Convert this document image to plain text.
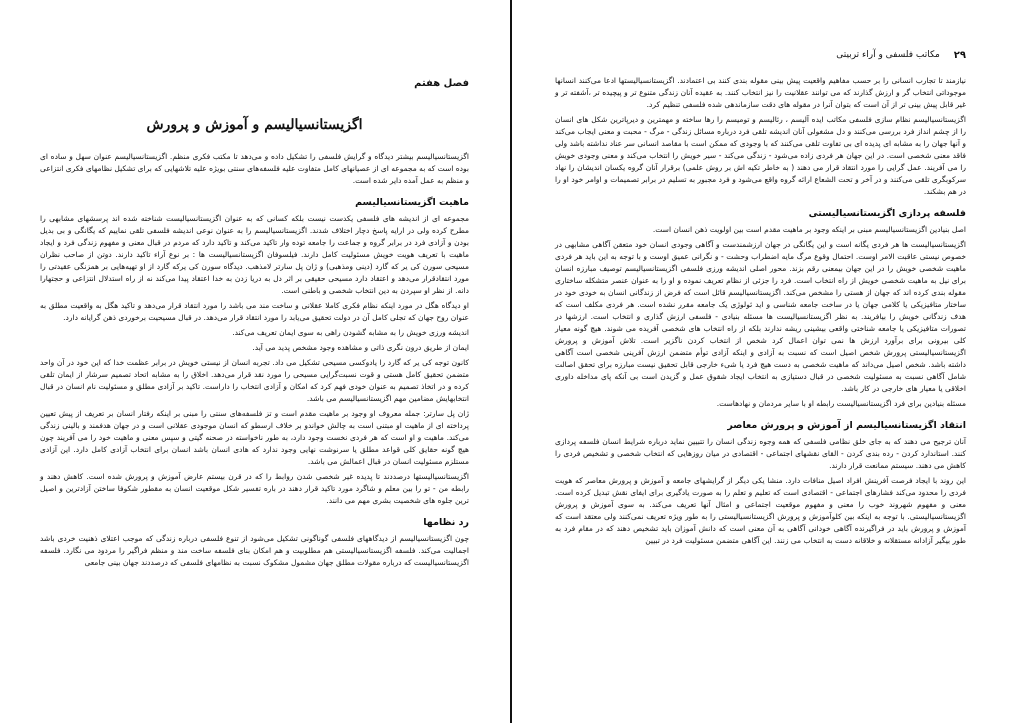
فصل هفتم
اگزیستانسیالیسم و آموزش و پرورش

اگزیستانسیالیسم بیشتر دیدگاه و گرایش فلسفی را تشکیل داده و می‌دهد تا مکتب فکری منظم. اگزیستانسیالیسم عنوان سهل و ساده ای بوده است که به مجموعه ای از عصیانهای کامل متفاوت علیه فلسفه‌های سنتی بویژه علیه تلاشهایی که برای تشکیل نظامهای فکری انتزاعی و منظم به عمل آمده دایر شده است.

ماهیت اگزیستانسیالیسم

مجموعه ای از اندیشه های فلسفی یکدست نیست بلکه کسانی که به عنوان اگزیستانسیالیست شناخته شده اند پرسشهای مشابهی را مطرح کرده ولی در ارایه پاسخ دچار اختلاف شدند. اگزیستانسیالیسم را به عنوان نوعی اندیشه فلسفی تلقی نماییم که یگانگی و بی بدیل بودن و آزادی فرد در برابر گروه و جماعت را جامعه توده وار تاکید می‌کند و تاکید دارد که مردم در قبال معنی و مفهوم زندگی فرد و ایجاد ماهیت با تعریف هویت خویش مسئولیت کامل دارند. فیلسوفان اگزیستانسیالیست ها : بر نوع آراء تاکید دارند. دوتن از صاحب نظران مسیحی سورن کی یر که گارد (دینی ومذهبی) و ژان پل سارتر لامذهب. دیدگاه سورن کی یرکه گارد از او تهیه‌هایی بر همزنگی عقیدتی را مورد انتقادقرار می‌دهد و اعتقاد دارد مسیحی حقیقی بر اثر دل به دریا زدن به خدا اعتقاد پیدا می‌کند نه از راه استدلال انتزاعی و حجتهارا دانه. از نظر او سپردن به دین انتخاب شخصی و باطنی است.

او دیدگاه هگل در مورد اینکه نظام فکری کاملا عقلانی و ساخت مند می باشد را مورد انتقاد قرار می‌دهد و تاکید هگل به واقعیت مطلق به عنوان روح جهان که تجلی کامل آن در دولت تحقیق می‌یابد را مورد انتقاد قرار می‌دهد. در قبال مسیحیت برخوردی ذهن گرایانه دارد.

اندیشه ورزی خویش را به مشابه گشودن راهی به سوی ایمان تعریف می‌کند.

ایمان از طریق درون نگری ذاتی و مشاهده وجود مشخص پدید می آید.

کانون توجه کی یر که گارد را یادوکسی مسیحی تشکیل می داد. تجربه انسان از نیستی خویش در برابر عظمت خدا که این خود در آن واحد متضمن تحقیق کامل هستی و قوت نسبت‌گرایی مسیحی را مورد نقد قرار می‌دهد. اخلاق را به مشابه اتحاد تصمیم سرشار از ایمان تلقی کرده و در اتخاذ تصمیم به عنوان خودی فهم کرد که امکان و آزادی انتخاب را داراست. تاکید بر آزادی مطلق و مسئولیت نام انسان در قبال انتخابهایش مضامین مهم اگزیستانسیالیسم می باشد.

ژان پل سارتر: جمله معروف او وجود بر ماهیت مقدم است و تز فلسفه‌های سنتی را مبنی بر اینکه رفتار انسان بر تعریف از پیش تعیین پرداخته ای از ماهیت او مبتنی است به چالش خواندو بر خلاف ارسطو که انسان موجودی عقلانی است و در جهان هدفمند و بالینی زندگی می‌کند. ماهیت و او است که هر فردی نخست وجود دارد، به طور ناخواسته در صحنه گیتی و سپس معنی و ماهیت خود را می آفریند چون هیچ گونه حقایق کلی قواعد مطلق یا سرنوشت نهایی وجود ندارد که هادی انسان باشد انسان برای انتخاب آزادی کامل دارد. این آزادی مستلزم مسئولیت انسان در قبال اعمالش می باشد.

اگزیستانسیالیستها درصددند تا پدیده غیر شخصی شدن روابط را که در قرن بیستم عارض آموزش و پرورش شده است. کاهش دهند و رابطه من - تو را بین معلم و شاگرد مورد تاکید قرار دهند در باره تفسیر شکل موقعیت انسان به مقطور شکوفا ساختن آزادترین و اصیل ترین جلوه های شخصیت بشری مهم می دانند.

رد نظامها

چون اگزیستانسیالیسم از دیدگاههای فلسفی گوناگونی تشکیل می‌شود از تنوع فلسفی درباره زندگی که موجب اعتلای ذهنیت خردی باشد اجمالیت می‌کند. فلسفه اگزیستانسیالیستی هم مطلوبیت و هم امکان بنای فلسفه ساخت مند و منظم فراگیر را مردود می نگارد. فلسفه اگزیستانسیالیست که درباره مقولات مطلق جهان مشمول مشکوک نسبت به نظامهای فلسفی که درصددند جهان بینی جامعی

۲۹
مکاتب فلسفی و آراء تربیتی

نیازمند تا تجارب انسانی را بر حسب مفاهیم واقعیت پیش بینی مقوله بندی کنند بی اعتمادند. اگزیستانسیالیستها ادعا می‌کنند انسانها موجوداتی انتخاب گر و ارزش گذارند که می توانند عقلانیت را نیز انتخاب کنند. به عقیده آنان زندگی متنوع تر و پیچیده تر ،آشفته تر و غیر قابل پیش بینی تر از آن است که بتوان آنرا در مقوله های دقت سازماندهی شده فلسفی تنظیم کرد.

اگزیستانسیالیسم نظام سازی فلسفی مکاتب ایده آلیسم ، رئالیسم و تومیسم را رها ساخته و مهمترین و دیرپاترین شکل های انسان را از چشم انداز فرد بررسی می‌کنند و دل مشغولی آنان اندیشه تلقی فرد درباره مسائل زندگی - مرگ - محبت و معنی ایجاب می‌کند و آنها جهان را به مشابه ای پدیده ای بی تفاوت تلقی می‌کنند که با وجودی که ممکن است با مقاصد انسانی سر عناد نداشته باشد ولی فاقد معنی شخصی است. در این جهان هر فردی زاده می‌شود - زندگی می‌کند - سیر خویش را انتخاب می‌کند و معنی وجودی خویش را می آفریند. عمل گرایی را مورد انتقاد قرار می دهند ( به خاطر تکیه اش بر روش علمی) برقرار آنان گروه یکسان اندیشان را نهاد سرکوبگری تلقی می‌کنند و در آخر و تحت الشعاع ارائه گروه واقع می‌شود و فرد مجبور به تسلیم در برابر تصمیمات و اوامر خود او را در هم بشکند.

فلسفه پردازی اگزیستانسیالیستی

اصل بنیادین اگزیستانسیالیسم مبنی بر اینکه وجود بر ماهیت مقدم است بین اولویت ذهن انسان است.

اگزیستانسیالیست ها هر فردی یگانه است و این یگانگی در جهان ارزشمندست و آگاهی وجودی انسان خود متعقن آگاهی مشابهی در خصوص نیستی عاقبت الامر اوست. احتمال وقوع مرگ مایه اضطراب وحشت - و نگرانی عمیق اوست و با توجه به این باید هر فردی ماهیت شخصی خویش را در این جهان بیمعنی رقم بزند. محور اصلی اندیشه ورزی فلسفی اگزیستانسیالیسم توصیف مبارزه انسان برای نیل به ماهیت شخصی خویش از راه انتخاب است. فرد را جزئی از نظام تعریف نموده و او را به عنوان عنصر متشکله ساختاری مقوله بندی کرده اند که جهان از هستی را مشخص می‌کند. اگزیستانسیالیسم قائل است که فرض از زندگانی انسان به خودی خود در ساختار متافیزیکی یا کلامی جهان یا در ساخت جامعه شناسی و اید ئولوژی یک جامعه مقرر نشده است. هر فردی مکلف است که هدف زندگانی خویش را بیافریند. به نظر اگزیستانسیالیست ها مسئله بنیادی - فلسفی ارزش گذاری و انتخاب است. ارزشها در تصورات متافیزیکی یا جامعه شناختی واقعی بیشینی ریشه ندارند بلکه از راه انتخاب های شخصی آفریده می شوند. هیچ گونه معیار کلی بیرونی برای برآورد ارزش ها نمی توان اعمال کرد شخص از انتخاب کردن ناگزیر است. تلاش آموزش و پرورش اگزیستانسیالیستی پرورش شخص اصیل است که نسبت به آزادی و اینکه آزادی توأم متضمن ارزش آفرینی شخصی است آگاهی داشته باشد. شخص اصیل می‌داند که ماهیت شخصی به دست هیچ فرد یا شیء خارجی قابل تحقیق نیست مبارزه برای تحقق اصالت شامل آگاهی نسبت به مسئولیت شخصی در قبال دستیازی به انتخاب ایجاد شقوق عمل و گزیدن است بی آنکه پای مداخله داوری اخلاقی یا معیار های خارجی در کار باشد.

مسئله بنیادین برای فرد اگزیستانسیالیست رابطه او با سایر مردمان و نهادهاست.

انتقاد اگزیستانسیالیسم از آموزش و پرورش معاصر

آنان ترجیح می دهند که به جای خلق نظامی فلسفی که همه وجوه زندگی انسان را تتبیین نماید درباره شرایط انسان فلسفه پردازی کنند. استاندارد کردن - رده بندی کردن - القای نقشهای اجتماعی - اقتصادی در میان روزهایی که انتخاب شخصی و تشخیص فردی را کاهش می دهند. سیستم ممانعت قرار دارند.

این روند با ایجاد فرصت آفرینش افراد اصیل منافات دارد. منشا یکی دیگر از گرایشهای جامعه و آموزش و پرورش معاصر که هویت فردی را محدود می‌کند فشارهای اجتماعی - اقتصادی است که تعلیم و تعلم را به صورت یادگیری برای ایفای نقش تبدیل کرده است. معنی و مفهوم شهروند خوب را معنی و مفهوم موقعیت اجتماعی و امثال آنها تعریف می‌کند. به سوی آموزش و پرورش اگزیستانسیالیستی. با توجه به اینکه بین کلوآموزش و پرورش اگزیستانسیالیستی را به طور ویژه تعریف نمی‌کنند ولی معتقد است که آموزش و پرورش باید در فراگیرنده آگاهی خودانی آگاهی به آن معنی است که دانش آموزان باید تشخیص دهند که در مقام فرد به طور بیگیر آزادانه مستقلانه و خلاقانه دست به انتخاب می زنند. این آگاهی متضمن مسئولیت فرد در تبیین
